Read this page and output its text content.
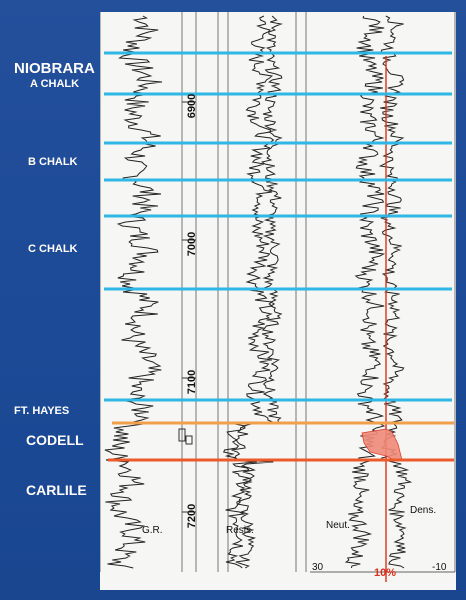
NIOBRARA
A CHALK
B CHALK
C CHALK
FT. HAYES
CODELL
CARLILE
6900
7000
7100
7200
G.R.	Resis.	Neut.
Dens.
30	10%	-10
